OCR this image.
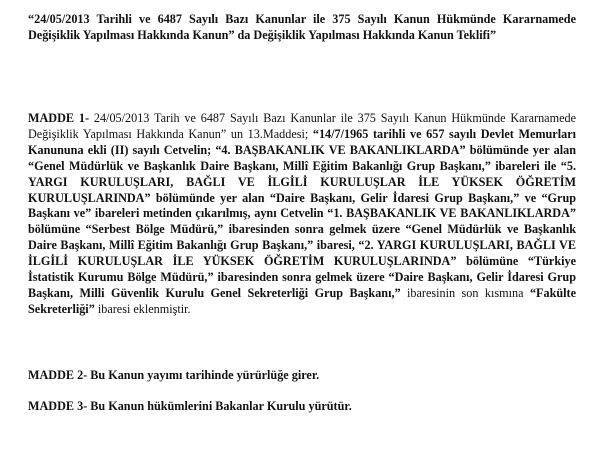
“24/05/2013 Tarihli ve 6487 Sayılı Bazı Kanunlar ile 375 Sayılı Kanun Hükmünde Kararnamede Değişiklik Yapılması Hakkında Kanun” da Değişiklik Yapılması Hakkında Kanun Teklifi”
MADDE 1- 24/05/2013 Tarih ve 6487 Sayılı Bazı Kanunlar ile 375 Sayılı Kanun Hükmünde Kararnamede Değişiklik Yapılması Hakkında Kanun” un 13.Maddesi; “14/7/1965 tarihli ve 657 sayılı Devlet Memurları Kanununa ekli (II) sayılı Cetvelin; “4. BAŞBAKANLIK VE BAKANLIKLARDA” bölümünde yer alan “Genel Müdürlük ve Başkanlık Daire Başkanı, Millî Eğitim Bakanlığı Grup Başkanı,” ibareleri ile “5. YARGI KURULUŞLARI, BAĞLI VE İLGİLİ KURULUŞLAR İLE YÜKSEK ÖĞRETİM KURULUŞLARINDA” bölümünde yer alan “Daire Başkanı, Gelir İdaresi Grup Başkanı,” ve “Grup Başkanı ve” ibareleri metinden çıkarılmış, aynı Cetvelin “1. BAŞBAKANLIK VE BAKANLIKLARDA” bölümüne “Serbest Bölge Müdürü,” ibaresinden sonra gelmek üzere “Genel Müdürlük ve Başkanlık Daire Başkanı, Millî Eğitim Bakanlığı Grup Başkanı,” ibaresi, “2. YARGI KURULUŞLARI, BAĞLI VE İLGİLİ KURULUŞLAR İLE YÜKSEK ÖĞRETİM KURULUŞLARINDA” bölümüne “Türkiye İstatistik Kurumu Bölge Müdürü,” ibaresinden sonra gelmek üzere “Daire Başkanı, Gelir İdaresi Grup Başkanı, Milli Güvenlik Kurulu Genel Sekreterliği Grup Başkanı,” ibaresinin son kısmına “Fakülte Sekreterliği” ibaresi eklenmiştir.
MADDE 2- Bu Kanun yayımı tarihinde yürürlüğe girer.
MADDE 3- Bu Kanun hükümlerini Bakanlar Kurulu yürütür.
